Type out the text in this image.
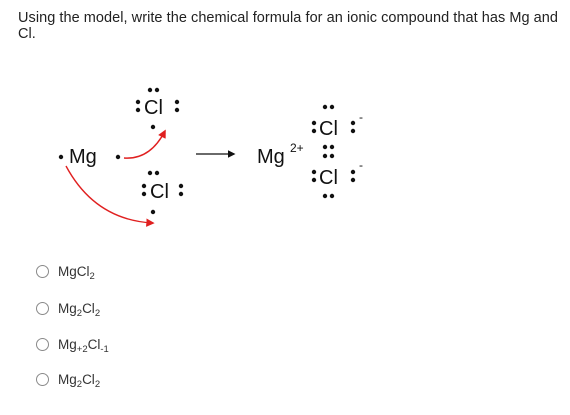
Using the model, write the chemical formula for an ionic compound that has Mg and Cl.
Mg
Cl
Cl
Mg 2+
Cl
-
Cl
-
MgCl$_2$
$Mg_2Cl_2$
$Mg_{+2}Cl_{-1}$
$Mg_2Cl_2$
